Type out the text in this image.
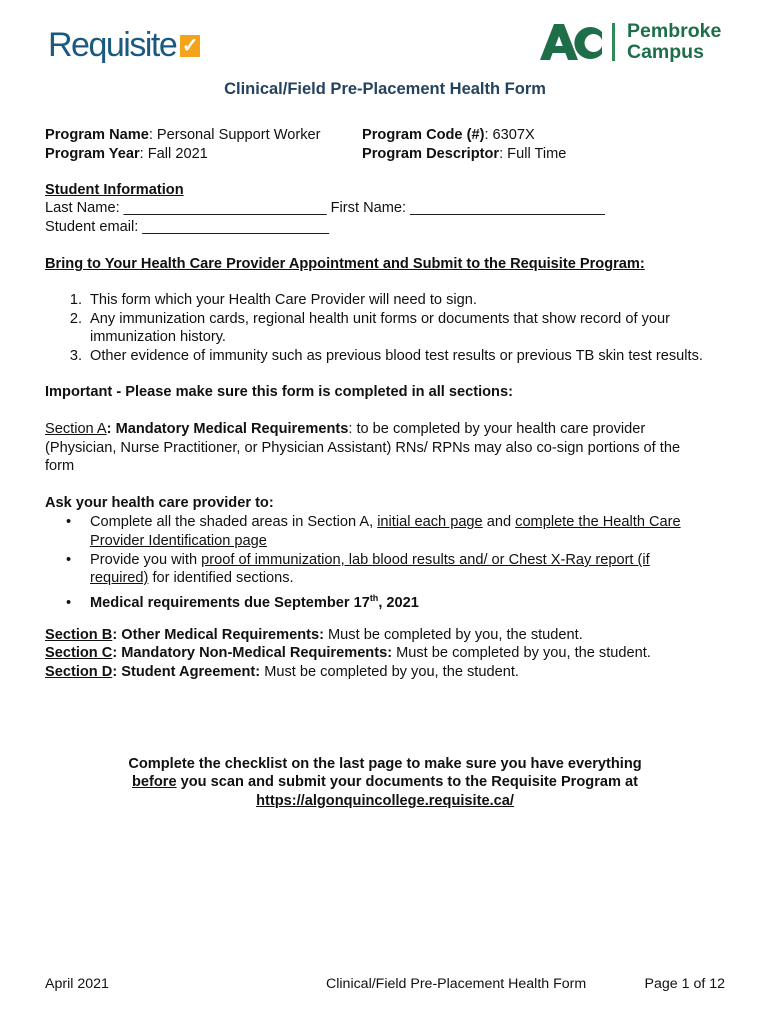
Requisite ✓
Pembroke
Campus
Clinical/Field Pre-Placement Health Form
Program Name: Personal Support Worker
Program Year: Fall 2021
Program Code (#): 6307X
Program Descriptor: Full Time
Student Information
Last Name: _________________________ First Name: ________________________
Student email: _______________________
Bring to Your Health Care Provider Appointment and Submit to the Requisite Program:
1. This form which your Health Care Provider will need to sign.
2. Any immunization cards, regional health unit forms or documents that show record of your
immunization history.
3. Other evidence of immunity such as previous blood test results or previous TB skin test results.
Important - Please make sure this form is completed in all sections:
Section A: Mandatory Medical Requirements: to be completed by your health care provider
(Physician, Nurse Practitioner, or Physician Assistant) RNs/ RPNs may also co-sign portions of the
form
Ask your health care provider to:
• Complete all the shaded areas in Section A, initial each page and complete the Health Care
Provider Identification page
• Provide you with proof of immunization, lab blood results and/ or Chest X-Ray report (if
required) for identified sections.
• Medical requirements due September 17th, 2021
Section B: Other Medical Requirements: Must be completed by you, the student.
Section C: Mandatory Non-Medical Requirements: Must be completed by you, the student.
Section D: Student Agreement: Must be completed by you, the student.
Complete the checklist on the last page to make sure you have everything
before you scan and submit your documents to the Requisite Program at
https://algonquincollege.requisite.ca/
April 2021	Clinical/Field Pre-Placement Health Form	Page 1 of 12
